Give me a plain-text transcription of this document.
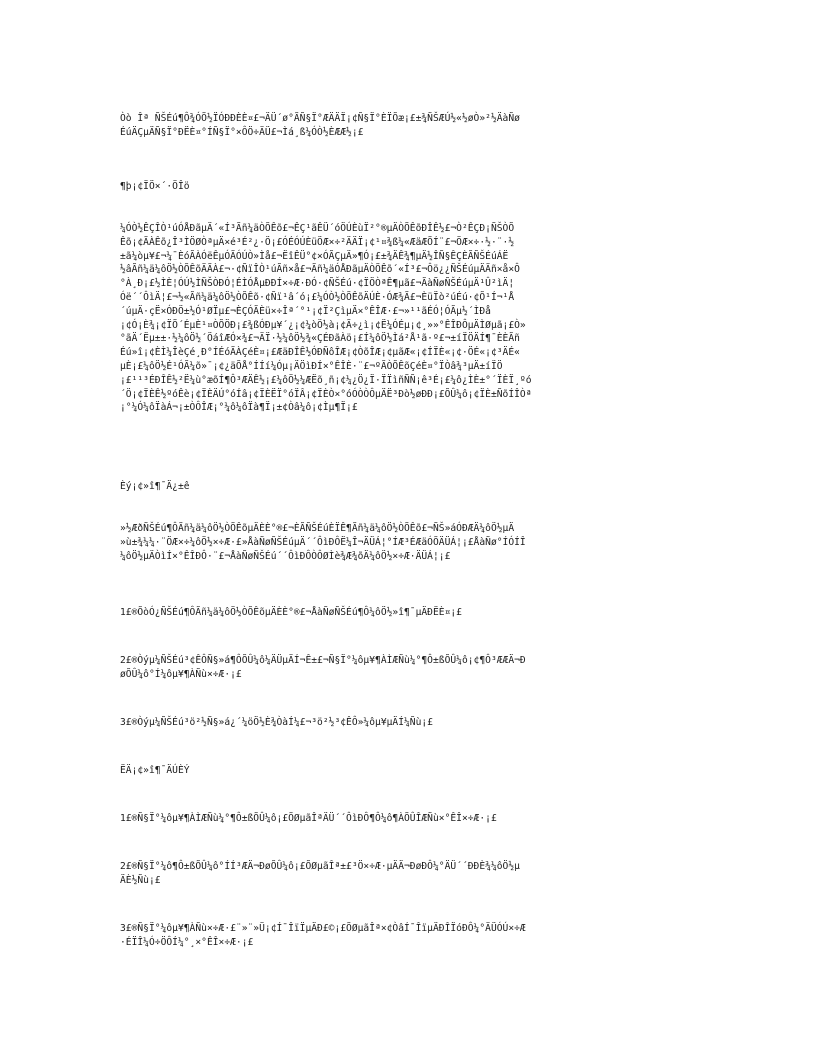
Òò Îª ÑŠÉú¶Ô¾ÓÕ½ÏÓÐÐÈÈ¤£¬ÄÜ´ø°ÃÑ§Ï°ÆÄÄÏ¡¢Ñ§Ï°ÈÏÕæ¡£±¾ÑŠÆÚ½«½øÒ»²½ÄàÑø
ÉúÄÇµÄÑ§Ï°ÐËÈ¤°ÍÑ§Ï°×ÔÖ÷ÄÜ£¬Ìá¸ß¼ÓÒ½ÈÆÆ½¡£

¶þ¡¢ÏÖ×´·ÖÎö

¼ÓÒ½ÊÇÎÒ¹úÓÅÐãµÄ´«Í³Ãñ¼äÒÕÊõ£¬ÊÇ¹ãÊÜ´óÖÚÈùÏ²°®µÄÒÕÊõÐÎÊ½£¬Ò²ÊÇÐ¡ÑŠÒÕ
Êõ¡¢ÃÀÊõ¿Î³ÌÖØÒªµÄ×é³É²¿·Ö¡£ÓÉÓÚÈüÖÆ×÷²ÄÄÏ¡¢¹¤¾ß¼«ÆäÆÕÍ¨£¬ÖÆ×÷·½·¨·½
±ã¼òµ¥£¬¼¯ÈóÃÀÓëÊµÓÃÓÚÒ»Ìå£¬ËîÊÜ°¢×ÓÃÇµÄ»¶Ó¡£±¾ÄÊ¾¶µÄ½ÎÑ§ÊÇÈÃÑŠÉúÁË
½âÃñ¼ä¼ôÖ½ÒÕÊõÄÃÀ£¬·¢ÑïÎÒ¹úÃñ×å£¬Ãñ¼äÓÅÐãµÄÒÕÊõ´«Í³£¬Ôö¿¿ÑŠÉúµÄÃñ×å×Ô
°À¸Ð¡£½ÌÈ¦ÓÚ½ÌÑŠÒÐÓ¦ÉÌÓÅµÐÐÍ×÷Æ·ÐÓ·¢ÑŠÉú·¢ÏÖÒªÊ¶µã£¬ÃàÑøÑŠÉúµÄ¹Û²ìÄ¦
Óë´´ÔìÄ¦£¬½«Ãñ¼ä¼ôÖ½ÒÕÊõ·¢Ñï¹â´ó¡£¼ÓÒ½ÒÕÊõÄÚÈ·ÓÆ¾Ã£¬ÈüÏò²úÉú·¢Õ¹Í¬¹Å
´úµÄ·çË×ÓÐÖ±½Ó¹ØÏµ£¬ÈÇÓÃÈü×÷Îª´°¹¡¢Ï²ÇìµÄ×°ÊÎÆ·£¬»¹¹ãÉÓ¦ÓÃµ½´ÌÐå
¡¢Ó¡È¾¡¢ÏÕ´ÉµÈ¹¤ÒÕÖÐ¡£¾ßÓÐµ¥´¿¡¢¼òÖ½à¡¢Ã÷¿ì¡¢Ë¼ÓÉµ¡¢¸»»°ÊÎÐÔµÄÌØµã¡£Ò»
°ãÄ´Ëµ±±·½¼ôÖ½´ÖáîÆÓ×¾£¬ÄÏ·½¼ôÖ½¾«ÇÉÐãÀö¡£Í¼ôÖ½Ìá²Å¹ã·º£¬±íÏÖÄÍ¶¯ÈÈÃñ
Éú»î¡¢ÈÌ¼ÎèÇé¸Ð°ÍÉóÃÀÇéÈ¤¡£ÆäÐÎÊ½ÓÐÑôÎÆ¡¢ÒõÎÆ¡¢µãÆ«¡¢ÍÏÈ«¡¢·ÖÉ«¡¢³ÄÉ«
µÈ¡£¼ôÖ½É¹ÓÃ¼õ»¯¡¢¿äÕÅ°ÍÍí¼Óµ¡ÄÖìÐÍ×°ÊÎÈ·¨£¬ºÃÒÕÊõÇéÈ¤°ÏÒâ¾³µÄ±íÏÖ
¡£¹¹³ÉÐÎÊ½²Ë¼ù°æõÍ¶Ô³ÆÄÊ½¡£¼ôÖ½¼ÆËõ¸ñ¡¢¼¿Ö¿Ï·ÏÏìñÑÑ¡ê³É¡£¼ô¿ÌÈ±°´ÏÈÏ¸ºó
´Ö¡¢ÏÈÊ½ºóÊè¡¢ÏÈÄÚ°óÍâ¡¢ÏÈËÏ°óÏÂ¡¢ÏÈÒ×°óÓÒÒÔµÄË³Ðò½øÐÐ¡£ÕÛ¼ô¡¢ÏÈ±ÑõÍÎÒª
¡°¼Ó¼ôÏàÁ¬¡±ÒÔÎÆ¡°¼ô¼ôÏà¶Ï¡±¢Òâ¼ô¡¢Ìµ¶Ï¡£

Èý¡¢»î¶¯Ä¿±ê

»½ÆðÑŠÉú¶ÔÃñ¼ä¼ôÖ½ÒÕÊõµÄÈÈ°®£¬ÈÃÑŠÉúÈÏÊ¶Ãñ¼ä¼ôÖ½ÒÕÊõ£¬ÑŠ»áÓÐÆÄ¼ôÖ½µÄ
»ù±¾¼¼·¨ÖÆ×÷¼ôÖ½×÷Æ·£»ÅàÑøÑŠÉúµÄ´´ÔìÐÔË¼Î¬ÄÜÁ¦°ÍÆ³ÉÆäÓÕÄÜÁ¦¡£ÅàÑø°ÍÓÍÎ
¼ôÖ½µÄÒìÍ×°ÊÎÐÔ·¨£¬ÅàÑøÑŠÉú´´ÔìÐÔÒÔØÌè¾Æ¾õÄ¼ôÖ½×÷Æ·ÄÜÁ¦¡£

1£®ÕòÓ¿ÑŠÉú¶ÔÃñ¼ä¼ôÖ½ÒÕÊõµÄÈÈ°®£¬ÅàÑøÑŠÉú¶Ô¼ôÖ½»î¶¯µÄÐËÈ¤¡£

2£®Òýµ¼ÑŠÉú³¢ÊÔÑ§»á¶ÔÕÛ¼ô¼ÄÜµÄÍ¬Ê±£¬Ñ§Ï°¼ôµ¥¶ÀÌÆÑù¼°¶Ô±ßÕÛ¼ô¡¢¶Ô³ÆÆÄ¬Ð
øÕÛ¼ô°Í¼ôµ¥¶ÀÑù×÷Æ·¡£

3£®Òýµ¼ÑŠÉú³ö²½Ñ§»á¿´¼öÖ½È¾ÒàÍ¼£¬³ö²½³¢ÊÔ»¼ôµ¥µÄÍ¼Ñù¡£

ËÄ¡¢»î¶¯ÄÚÈÝ

1£®Ñ§Ï°¼ôµ¥¶ÀÌÆÑù¼°¶Ô±ßÕÛ¼ô¡£ÕØµãÎªÄÜ´´ÔìÐÔ¶Ô¼ô¶ÀÕÛÎÆÑù×°ÊÎ×÷Æ·¡£

2£®Ñ§Ï°¼ô¶Ô±ßÕÛ¼ô°ÍÍ³ÆÄ¬ÐøÕÛ¼ô¡£ÕØµãÎª±£³Ö×÷Æ·µÄÄ¬ÐøÐÔ¼°ÄÜ´´ÐÐÈ¾¼ôÖ½µ
ÄÈ½Ñù¡£

3£®Ñ§Ï°¼ôµ¥¶ÀÑù×÷Æ·£¨»¨»Ü¡¢Í¯ÎïÏµÄÐ£©¡£ÕØµãÎª×¢ÒâÍ¯ÎïµÄÐÎÏóÐÔ¼°ÄÜÓÚ×÷Æ
·ÉÏÎ¼Ó÷ÖÔÍ¼°¸×°ÊÎ×÷Æ·¡£
